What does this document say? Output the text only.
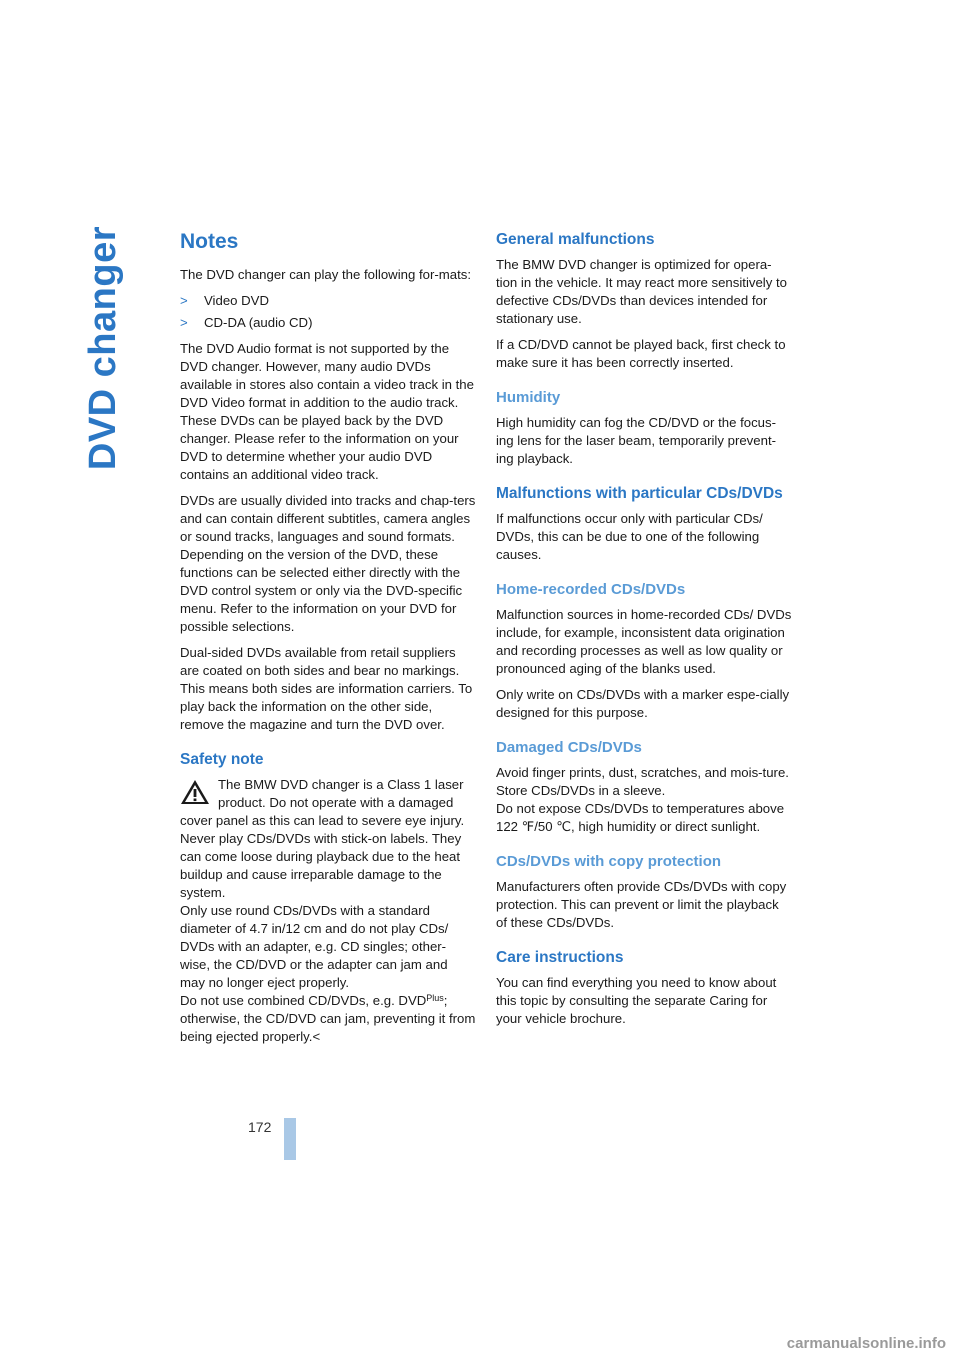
DVD changer	Notes

The DVD changer can play the following for-mats:

>	Video DVD
>	CD-DA (audio CD)

The DVD Audio format is not supported by the DVD changer. However, many audio DVDs available in stores also contain a video track in the DVD Video format in addition to the audio track. These DVDs can be played back by the DVD changer. Please refer to the information on your DVD to determine whether your audio DVD contains an additional video track.

DVDs are usually divided into tracks and chap-ters and can contain different subtitles, camera angles or sound tracks, languages and sound formats. Depending on the version of the DVD, these functions can be selected either directly with the DVD control system or only via the DVD-specific menu. Refer to the information on your DVD for possible selections.

Dual-sided DVDs available from retail suppliers are coated on both sides and bear no markings. This means both sides are information carriers. To play back the information on the other side, remove the magazine and turn the DVD over.

Safety note
The BMW DVD changer is a Class 1 laser
product. Do not operate with a damaged
cover panel as this can lead to severe eye injury.
Never play CDs/DVDs with stick-on labels. They can come loose during playback due to the heat buildup and cause irreparable damage to the system.
Only use round CDs/DVDs with a standard diameter of 4.7 in/12 cm and do not play CDs/ DVDs with an adapter, e.g. CD singles; other-wise, the CD/DVD or the adapter can jam and may no longer eject properly.
Do not use combined CD/DVDs, e.g. $DVD^{Plus}$; otherwise, the CD/DVD can jam, preventing it from being ejected properly.<
General malfunctions

The BMW DVD changer is optimized for opera-tion in the vehicle. It may react more sensitively to defective CDs/DVDs than devices intended for stationary use.

If a CD/DVD cannot be played back, first check to make sure it has been correctly inserted.

Humidity

High humidity can fog the CD/DVD or the focus-ing lens for the laser beam, temporarily prevent-ing playback.

Malfunctions with particular CDs/DVDs

If malfunctions occur only with particular CDs/ DVDs, this can be due to one of the following causes.

Home-recorded CDs/DVDs

Malfunction sources in home-recorded CDs/ DVDs include, for example, inconsistent data origination and recording processes as well as low quality or pronounced aging of the blanks used.

Only write on CDs/DVDs with a marker espe-cially designed for this purpose.

Damaged CDs/DVDs

Avoid finger prints, dust, scratches, and mois-ture.
Store CDs/DVDs in a sleeve.
Do not expose CDs/DVDs to temperatures above 122 ℉/50 ℃, high humidity or direct sunlight.

CDs/DVDs with copy protection

Manufacturers often provide CDs/DVDs with copy protection. This can prevent or limit the playback of these CDs/DVDs.

Care instructions

You can find everything you need to know about this topic by consulting the separate Caring for your vehicle brochure.

172
carmanualsonline.info
